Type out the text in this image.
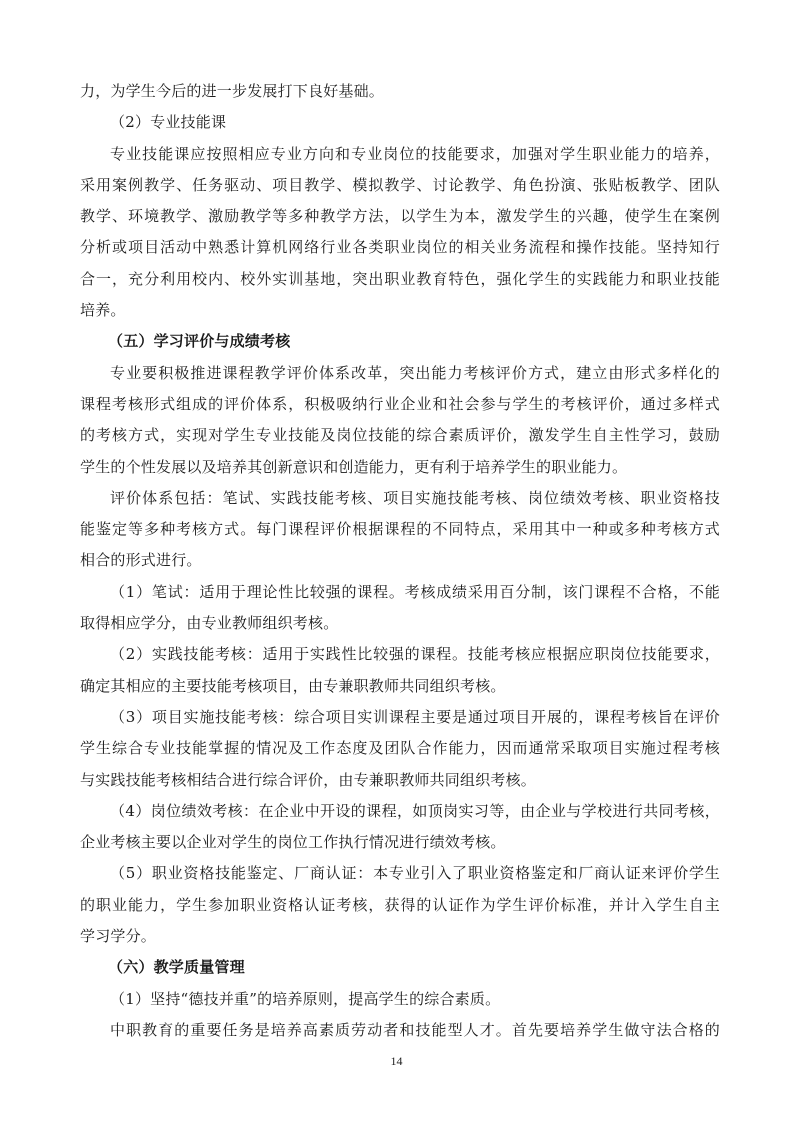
力，为学生今后的进一步发展打下良好基础。
（2）专业技能课
专业技能课应按照相应专业方向和专业岗位的技能要求，加强对学生职业能力的培养，
采用案例教学、任务驱动、项目教学、模拟教学、讨论教学、角色扮演、张贴板教学、团队
教学、环境教学、激励教学等多种教学方法，以学生为本，激发学生的兴趣，使学生在案例
分析或项目活动中熟悉计算机网络行业各类职业岗位的相关业务流程和操作技能。坚持知行
合一，充分利用校内、校外实训基地，突出职业教育特色，强化学生的实践能力和职业技能
培养。
（五）学习评价与成绩考核
专业要积极推进课程教学评价体系改革，突出能力考核评价方式，建立由形式多样化的
课程考核形式组成的评价体系，积极吸纳行业企业和社会参与学生的考核评价，通过多样式
的考核方式，实现对学生专业技能及岗位技能的综合素质评价，激发学生自主性学习，鼓励
学生的个性发展以及培养其创新意识和创造能力，更有利于培养学生的职业能力。
评价体系包括：笔试、实践技能考核、项目实施技能考核、岗位绩效考核、职业资格技
能鉴定等多种考核方式。每门课程评价根据课程的不同特点，采用其中一种或多种考核方式
相合的形式进行。
（1）笔试：适用于理论性比较强的课程。考核成绩采用百分制，该门课程不合格，不能
取得相应学分，由专业教师组织考核。
（2）实践技能考核：适用于实践性比较强的课程。技能考核应根据应职岗位技能要求，
确定其相应的主要技能考核项目，由专兼职教师共同组织考核。
（3）项目实施技能考核：综合项目实训课程主要是通过项目开展的，课程考核旨在评价
学生综合专业技能掌握的情况及工作态度及团队合作能力，因而通常采取项目实施过程考核
与实践技能考核相结合进行综合评价，由专兼职教师共同组织考核。
（4）岗位绩效考核：在企业中开设的课程，如顶岗实习等，由企业与学校进行共同考核，
企业考核主要以企业对学生的岗位工作执行情况进行绩效考核。
（5）职业资格技能鉴定、厂商认证：本专业引入了职业资格鉴定和厂商认证来评价学生
的职业能力，学生参加职业资格认证考核，获得的认证作为学生评价标准，并计入学生自主
学习学分。
（六）教学质量管理
（1）坚持“德技并重”的培养原则，提高学生的综合素质。
中职教育的重要任务是培养高素质劳动者和技能型人才。首先要培养学生做守法合格的
14
